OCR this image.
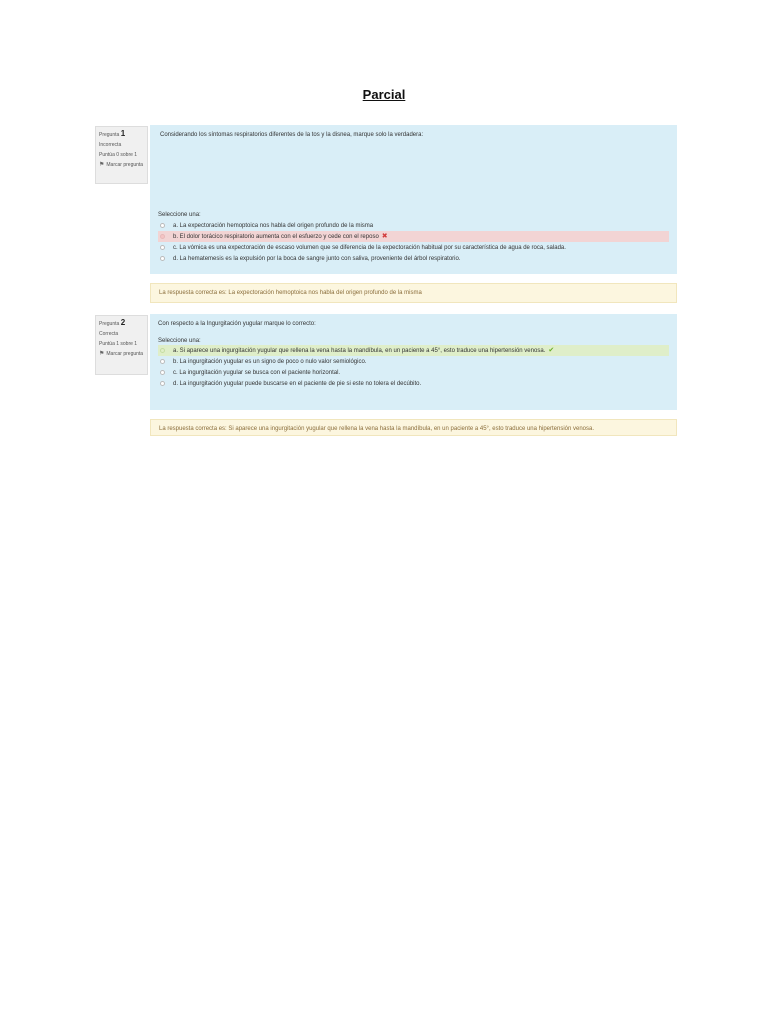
Parcial
Pregunta 1
Incorrecta
Puntúa 0 sobre 1
⚑ Marcar pregunta

Considerando los síntomas respiratorios diferentes de la tos y la disnea, marque solo la verdadera:

Seleccione una:
a. La expectoración hemoptoica nos habla del origen profundo de la misma
b. El dolor torácico respiratorio aumenta con el esfuerzo y cede con el reposo ✖
c. La vómica es una expectoración de escaso volumen que se diferencia de la expectoración habitual por su característica de agua de roca, salada.
d. La hematemesis es la expulsión por la boca de sangre junto con saliva, proveniente del árbol respiratorio.
La respuesta correcta es: La expectoración hemoptoica nos habla del origen profundo de la misma
Pregunta 2
Correcta
Puntúa 1 sobre 1
⚑ Marcar pregunta

Con respecto a la Ingurgitación yugular marque lo correcto:

Seleccione una:
a. Si aparece una ingurgitación yugular que rellena la vena hasta la mandíbula, en un paciente a 45°, esto traduce una hipertensión venosa. ✔
b. La ingurgitación yugular es un signo de poco o nulo valor semiológico.
c. La ingurgitación yugular se busca con el paciente horizontal.
d. La ingurgitación yugular puede buscarse en el paciente de pie si este no tolera el decúbito.
La respuesta correcta es: Si aparece una ingurgitación yugular que rellena la vena hasta la mandíbula, en un paciente a 45°, esto traduce una hipertensión venosa.
